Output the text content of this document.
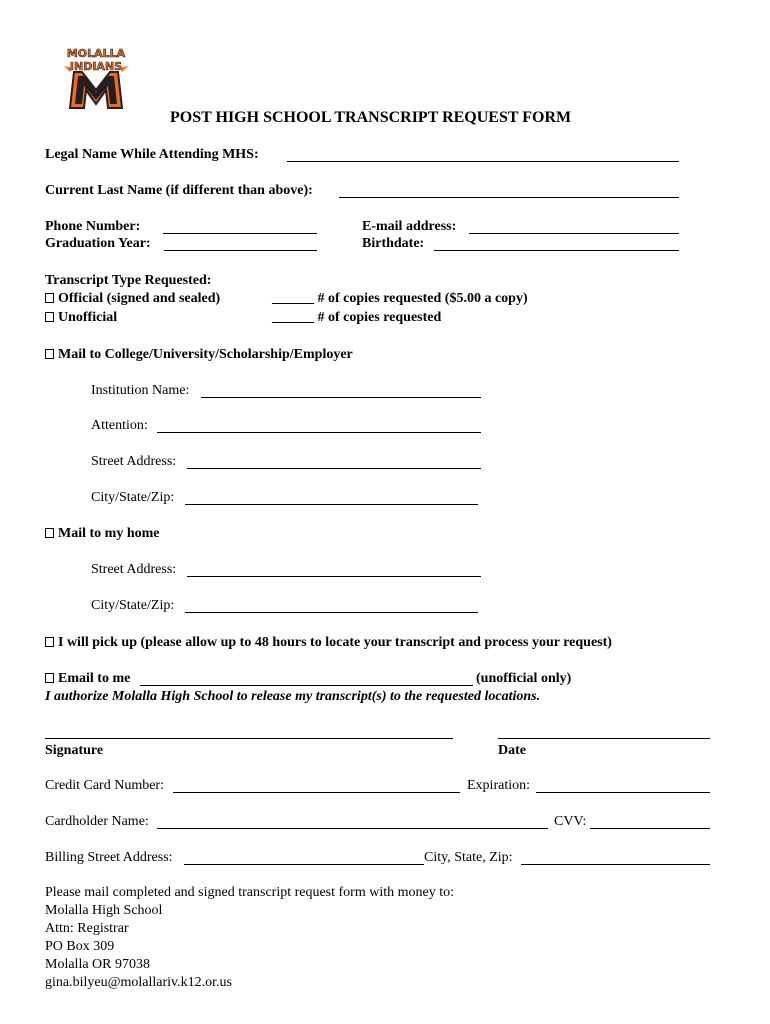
MOLALLA
INDIANS
POST HIGH SCHOOL TRANSCRIPT REQUEST FORM
Legal Name While Attending MHS:
Current Last Name (if different than above):
Phone Number:	E-mail address:
Graduation Year:	Birthdate:
Transcript Type Requested:
Official (signed and sealed)	______ # of copies requested ($5.00 a copy)
Unofficial	______ # of copies requested
Mail to College/University/Scholarship/Employer
Institution Name:
Attention:
Street Address:
City/State/Zip:
Mail to my home
Street Address:
City/State/Zip:
I will pick up (please allow up to 48 hours to locate your transcript and process your request)
Email to me	(unofficial only)
I authorize Molalla High School to release my transcript(s) to the requested locations.
Signature	Date
Credit Card Number:	Expiration:
Cardholder Name:	CVV:
Billing Street Address:	City, State, Zip:
Please mail completed and signed transcript request form with money to:
Molalla High School
Attn: Registrar
PO Box 309
Molalla OR 97038
gina.bilyeu@molallariv.k12.or.us
